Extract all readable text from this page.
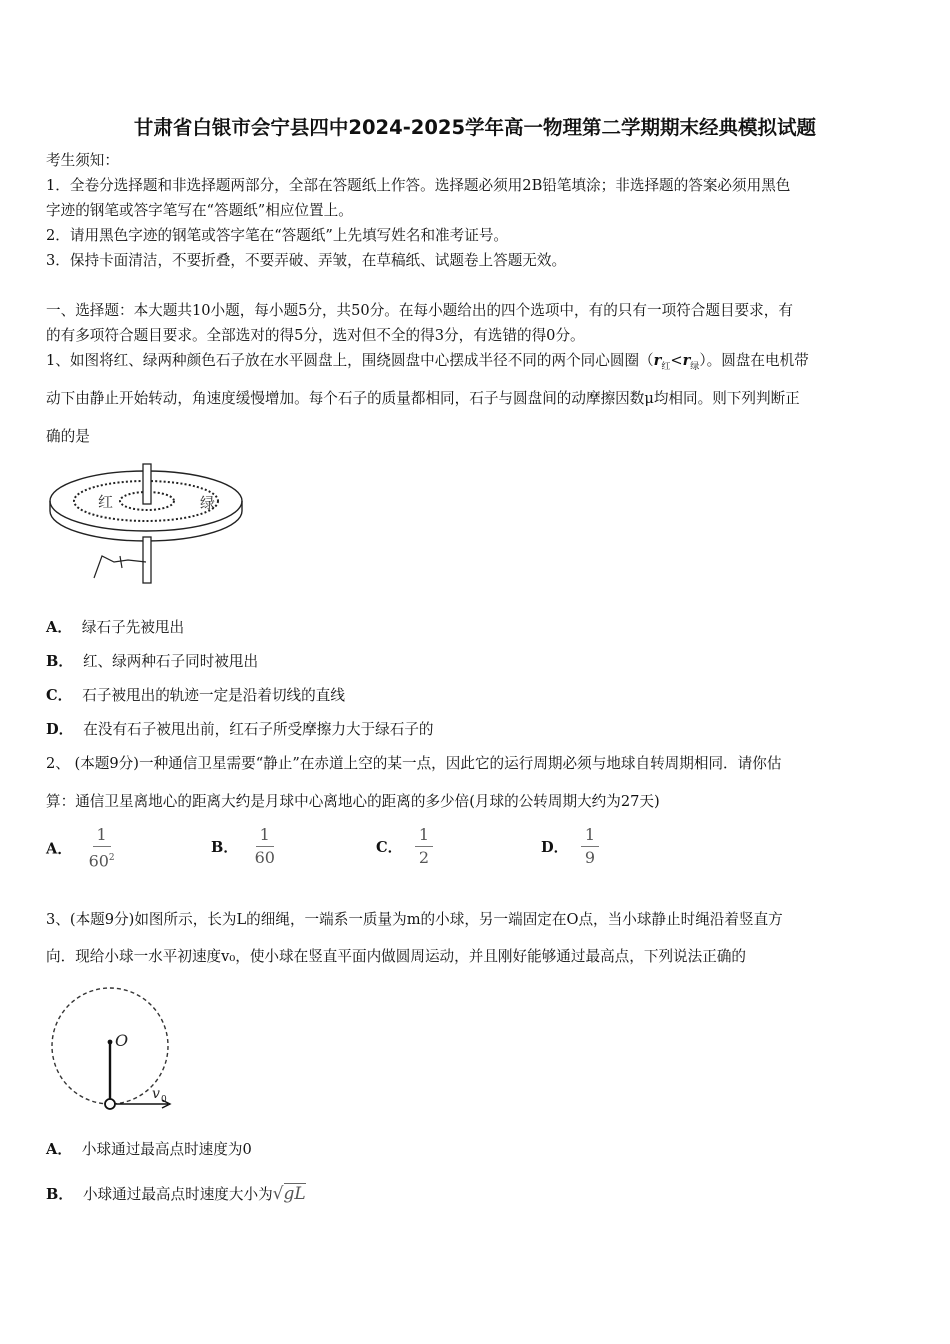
甘肃省白银市会宁县四中2024-2025学年高一物理第二学期期末经典模拟试题
考生须知：
1．全卷分选择题和非选择题两部分，全部在答题纸上作答。选择题必须用2B铅笔填涂；非选择题的答案必须用黑色
字迹的钢笔或答字笔写在“答题纸”相应位置上。
2．请用黑色字迹的钢笔或答字笔在“答题纸”上先填写姓名和准考证号。
3．保持卡面清洁，不要折叠，不要弄破、弄皱，在草稿纸、试题卷上答题无效。
一、选择题：本大题共10小题，每小题5分，共50分。在每小题给出的四个选项中，有的只有一项符合题目要求，有
的有多项符合题目要求。全部选对的得5分，选对但不全的得3分，有选错的得0分。
1、如图将红、绿两种颜色石子放在水平圆盘上，围绕圆盘中心摆成半径不同的两个同心圆圈$(r_红<r_绿)$。圆盘在电机带
动下由静止开始转动，角速度缓慢增加。每个石子的质量都相同，石子与圆盘间的动摩擦因数μ均相同。则下列判断正
确的是
红	绿
A． 绿石子先被甩出
B． 红、绿两种石子同时被甩出
C． 石子被甩出的轨迹一定是沿着切线的直线
D． 在没有石子被甩出前，红石子所受摩擦力大于绿石子的
2、 (本题9分)一种通信卫星需要“静止”在赤道上空的某一点，因此它的运行周期必须与地球自转周期相同．请你估
算：通信卫星离地心的距离大约是月球中心离地心的距离的多少倍(月球的公转周期大约为27天)
A． $\frac{1}{60^2}$	B． $\frac{1}{60}$	C． $\frac{1}{2}$	D． $\frac{1}{9}$
3、(本题9分)如图所示，长为L的细绳，一端系一质量为m的小球，另一端固定在O点，当小球静止时绳沿着竖直方
向．现给小球一水平初速度v₀，使小球在竖直平面内做圆周运动，并且刚好能够通过最高点，下列说法正确的
O
v 0
A． 小球通过最高点时速度为0
B． 小球通过最高点时速度大小为√gL
